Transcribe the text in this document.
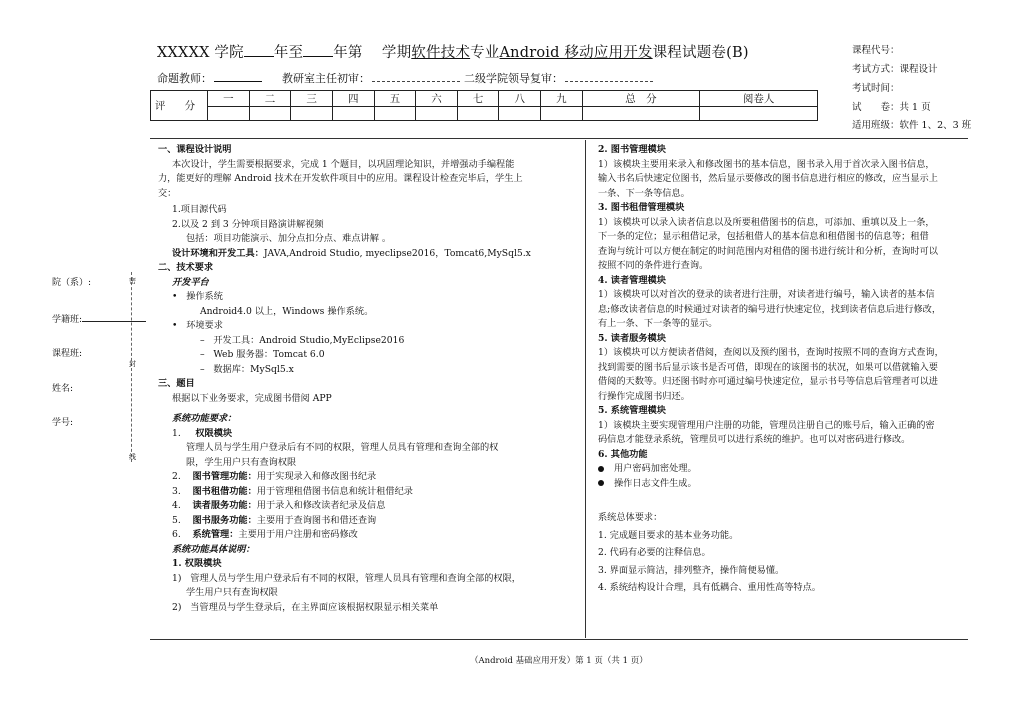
XXXXX 学院 年至 年第 学期软件技术专业Android 移动应用开发课程试题卷(B)
命题教师：	教研室主任初审：	二级学院领导复审：
评 分	一	二	三	四	五	六	七	八	九	总　分	阅卷人

课程代号：
考试方式：课程设计
考试时间：
试　　卷：共 1 页
适用班级：软件 1、2、3 班
院（系）:
学籍班:
课程班:
姓名:
学号:
密
封
线

一、课程设计说明

本次设计，学生需要根据要求，完成 1 个题目，以巩固理论知识，并增强动手编程能

力，能更好的理解 Android 技术在开发软件项目中的应用。课程设计检查完毕后，学生上

交：

1.项目源代码

2.以及 2 到 3 分钟项目路演讲解视频

包括：项目功能演示、加分点扣分点、难点讲解 。

设计环境和开发工具：JAVA,Android Studio, myeclipse2016，Tomcat6,MySql5.x

二、技术要求

开发平台

•   操作系统

Android4.0 以上，Windows 操作系统。

•   环境要求

–   开发工具：Android Studio,MyEclipse2016

–   Web 服务器：Tomcat 6.0

–   数据库：MySql5.x

三、题目

根据以下业务要求，完成图书借阅 APP

系统功能要求：

1.     权限模块

管理人员与学生用户登录后有不同的权限，管理人员具有管理和查询全部的权

限，学生用户只有查询权限

2.    图书管理功能：用于实现录入和修改图书纪录

3.    图书租借功能：用于管理租借图书信息和统计租借纪录

4.    读者服务功能：用于录入和修改读者纪录及信息

5.    图书服务功能：主要用于查询图书和借还查询

6.    系统管理：主要用于用户注册和密码修改

系统功能具体说明：

1. 权限模块

1)   管理人员与学生用户登录后有不同的权限，管理人员具有管理和查询全部的权限，

学生用户只有查询权限

2)   当管理员与学生登录后，在主界面应该根据权限显示相关菜单

2. 图书管理模块

1）该模块主要用来录入和修改图书的基本信息，图书录入用于首次录入图书信息，

输入书名后快速定位图书，然后显示要修改的图书信息进行相应的修改，应当显示上

一条、下一条等信息。

3. 图书租借管理模块

1）该模块可以录入读者信息以及所要租借图书的信息，可添加、重填以及上一条，

下一条的定位；显示租借记录，包括租借人的基本信息和租借图书的信息等；租借

查询与统计可以方便在制定的时间范围内对租借的图书进行统计和分析，查询时可以

按照不同的条件进行查询。

4. 读者管理模块

1）该模块可以对首次的登录的读者进行注册，对读者进行编号，输入读者的基本信

息;修改读者信息的时候通过对读者的编号进行快速定位，找到读者信息后进行修改，

有上一条、下一条等的显示。

5. 读者服务模块

1）该模块可以方便读者借阅，查阅以及预约图书，查询时按照不同的查询方式查询，

找到需要的图书后显示该书是否可借，即现在的该图书的状况，如果可以借就输入要

借阅的天数等。归还图书时亦可通过编号快速定位，显示书号等信息后管理者可以进

行操作完成图书归还。

5. 系统管理模块

1）该模块主要实现管理用户注册的功能，管理员注册自己的账号后，输入正确的密

码信息才能登录系统，管理员可以进行系统的维护。也可以对密码进行修改。

6. 其他功能

用户密码加密处理。

操作日志文件生成。

系统总体要求：

1. 完成题目要求的基本业务功能。

2. 代码有必要的注释信息。

3. 界面显示简洁，排列整齐，操作简便易懂。

4. 系统结构设计合理，具有低耦合、重用性高等特点。

（Android 基础应用开发）第 1 页（共 1 页）
